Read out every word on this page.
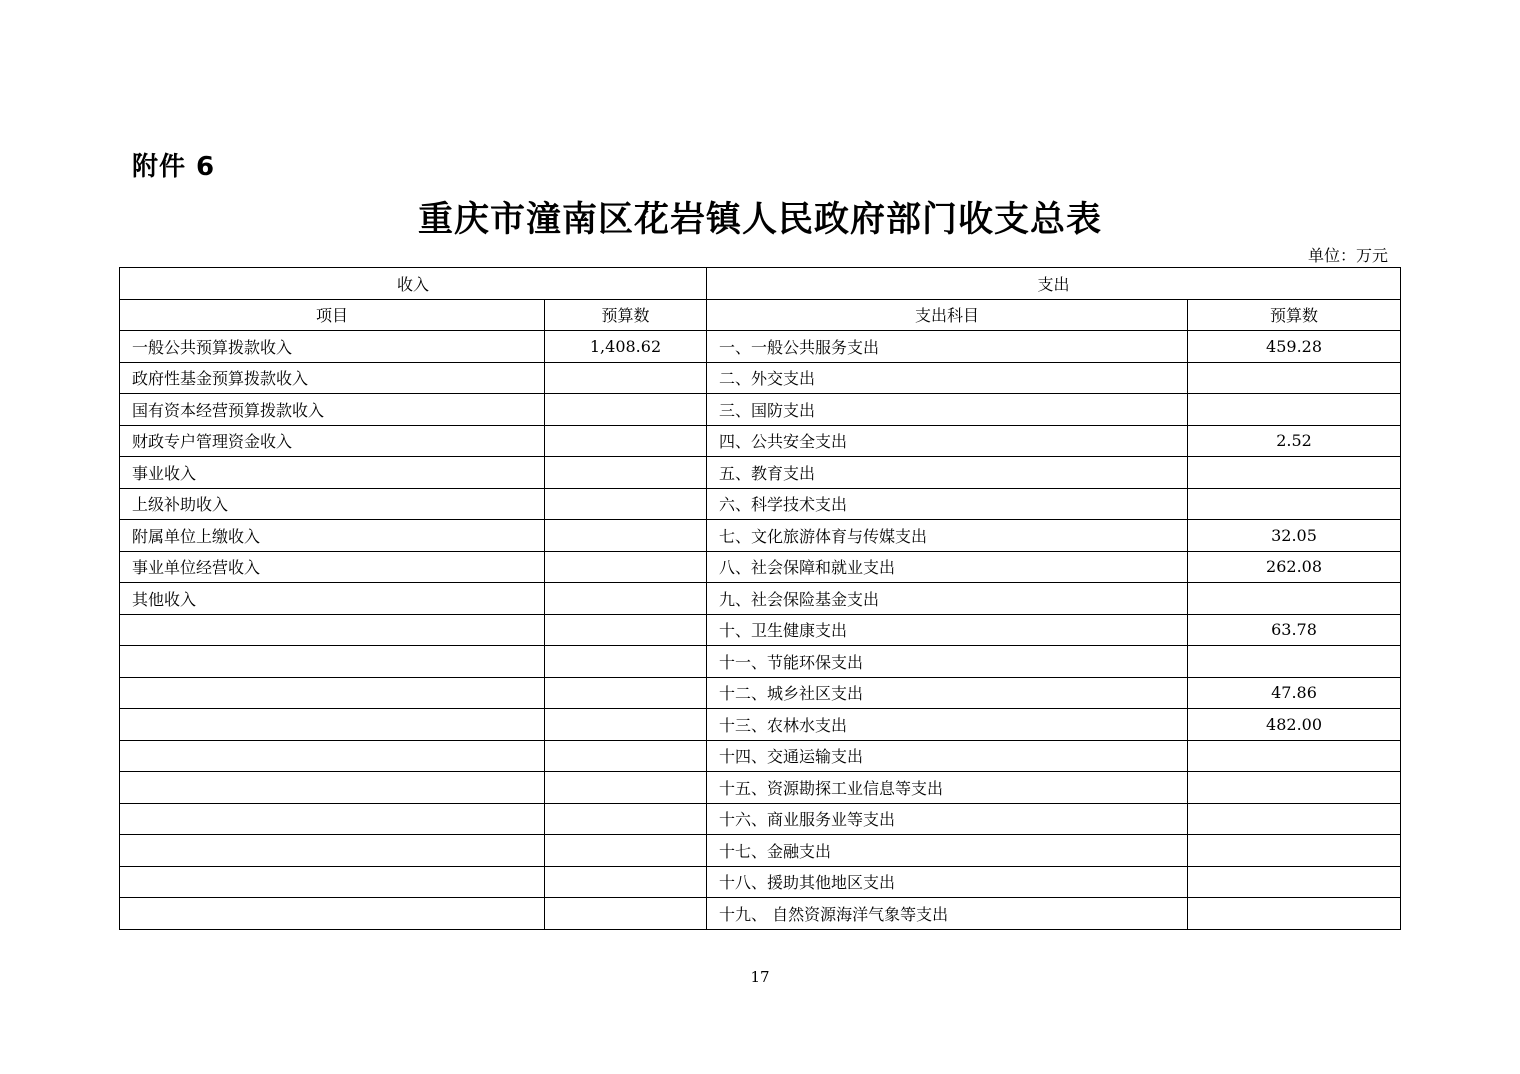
附件 6
重庆市潼南区花岩镇人民政府部门收支总表
单位：万元
收入		支出	
项目	预算数	支出科目	预算数
一般公共预算拨款收入	1,408.62	一、一般公共服务支出	459.28
政府性基金预算拨款收入		二、外交支出	
国有资本经营预算拨款收入		三、国防支出	
财政专户管理资金收入		四、公共安全支出	2.52
事业收入		五、教育支出	
上级补助收入		六、科学技术支出	
附属单位上缴收入		七、文化旅游体育与传媒支出	32.05
事业单位经营收入		八、社会保障和就业支出	262.08
其他收入		九、社会保险基金支出	
		十、卫生健康支出	63.78
		十一、节能环保支出	
		十二、城乡社区支出	47.86
		十三、农林水支出	482.00
		十四、交通运输支出	
		十五、资源勘探工业信息等支出	
		十六、商业服务业等支出	
		十七、金融支出	
		十八、援助其他地区支出	
		十九、 自然资源海洋气象等支出	
17
